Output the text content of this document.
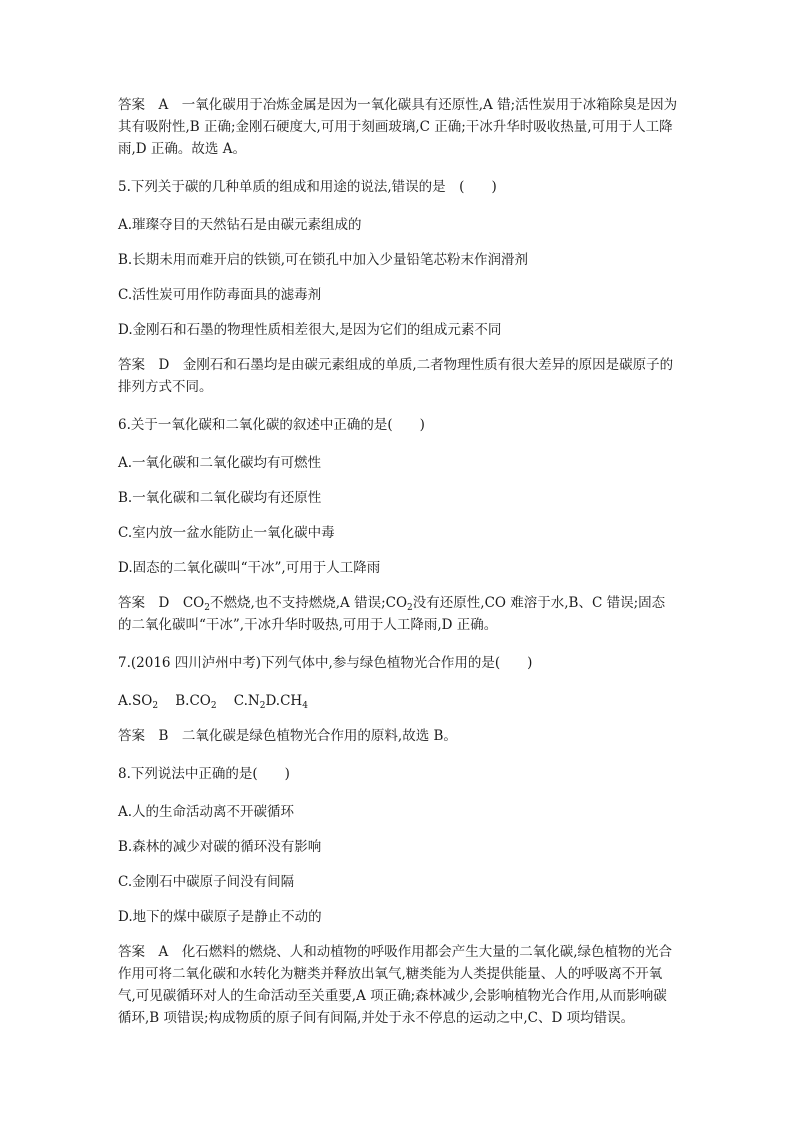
答案　A　一氧化碳用于冶炼金属是因为一氧化碳具有还原性,A 错;活性炭用于冰箱除臭是因为其有吸附性,B 正确;金刚石硬度大,可用于刻画玻璃,C 正确;干冰升华时吸收热量,可用于人工降雨,D 正确。故选 A。

5.下列关于碳的几种单质的组成和用途的说法,错误的是　(　　)

A.璀璨夺目的天然钻石是由碳元素组成的

B.长期未用而难开启的铁锁,可在锁孔中加入少量铅笔芯粉末作润滑剂

C.活性炭可用作防毒面具的滤毒剂

D.金刚石和石墨的物理性质相差很大,是因为它们的组成元素不同

答案　D　金刚石和石墨均是由碳元素组成的单质,二者物理性质有很大差异的原因是碳原子的排列方式不同。

6.关于一氧化碳和二氧化碳的叙述中正确的是(　　)

A.一氧化碳和二氧化碳均有可燃性

B.一氧化碳和二氧化碳均有还原性

C.室内放一盆水能防止一氧化碳中毒

D.固态的二氧化碳叫“干冰”,可用于人工降雨

答案　D　$CO_2$不燃烧,也不支持燃烧,A 错误$;CO_2$没有还原性,CO 难溶于水,B、C 错误;固态的二氧化碳叫“干冰”,干冰升华时吸热,可用于人工降雨,D 正确。

7.(2016 四川泸州中考)下列气体中,参与绿色植物光合作用的是(　　)

$A.SO_2$ $B.CO_2$ $C.N_2D.CH_4$

答案　B　二氧化碳是绿色植物光合作用的原料,故选 B。

8.下列说法中正确的是(　　)

A.人的生命活动离不开碳循环

B.森林的减少对碳的循环没有影响

C.金刚石中碳原子间没有间隔

D.地下的煤中碳原子是静止不动的

答案　A　化石燃料的燃烧、人和动植物的呼吸作用都会产生大量的二氧化碳,绿色植物的光合作用可将二氧化碳和水转化为糖类并释放出氧气,糖类能为人类提供能量、人的呼吸离不开氧气,可见碳循环对人的生命活动至关重要,A 项正确;森林减少,会影响植物光合作用,从而影响碳循环,B 项错误;构成物质的原子间有间隔,并处于永不停息的运动之中,C、D 项均错误。
